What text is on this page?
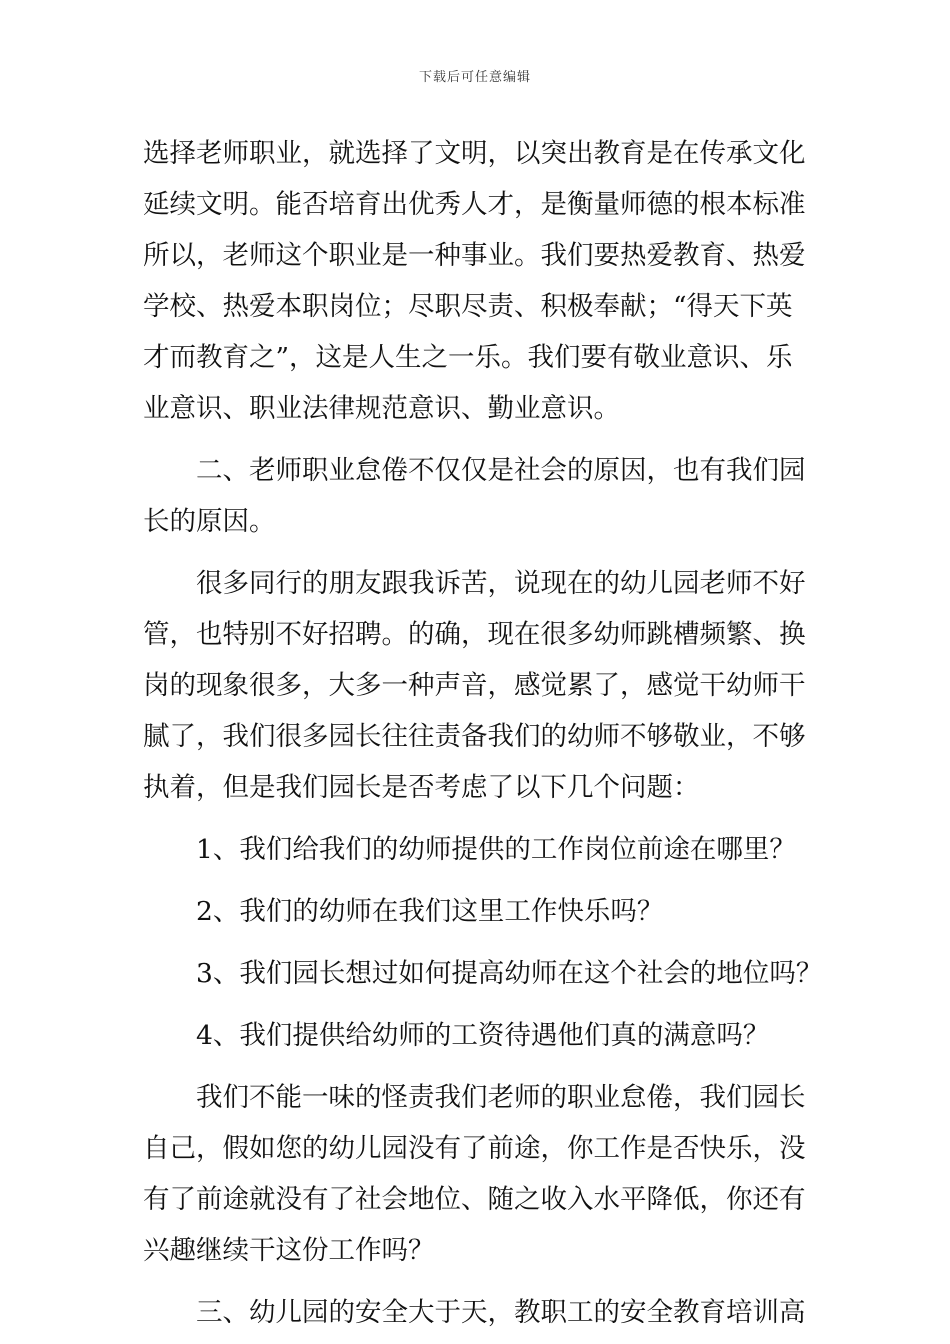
下载后可任意编辑
选择老师职业，就选择了文明，以突出教育是在传承文化
延续文明。能否培育出优秀人才，是衡量师德的根本标准
所以，老师这个职业是一种事业。我们要热爱教育、热爱
学校、热爱本职岗位；尽职尽责、积极奉献；“得天下英
才而教育之”，这是人生之一乐。我们要有敬业意识、乐
业意识、职业法律规范意识、勤业意识。
二、老师职业怠倦不仅仅是社会的原因，也有我们园
长的原因。
很多同行的朋友跟我诉苦，说现在的幼儿园老师不好
管，也特别不好招聘。的确，现在很多幼师跳槽频繁、换
岗的现象很多，大多一种声音，感觉累了，感觉干幼师干
腻了，我们很多园长往往责备我们的幼师不够敬业，不够
执着，但是我们园长是否考虑了以下几个问题：
1、我们给我们的幼师提供的工作岗位前途在哪里？
2、我们的幼师在我们这里工作快乐吗？
3、我们园长想过如何提高幼师在这个社会的地位吗？
4、我们提供给幼师的工资待遇他们真的满意吗？
我们不能一味的怪责我们老师的职业怠倦，我们园长
自己，假如您的幼儿园没有了前途，你工作是否快乐，没
有了前途就没有了社会地位、随之收入水平降低，你还有
兴趣继续干这份工作吗？
三、幼儿园的安全大于天，教职工的安全教育培训高
